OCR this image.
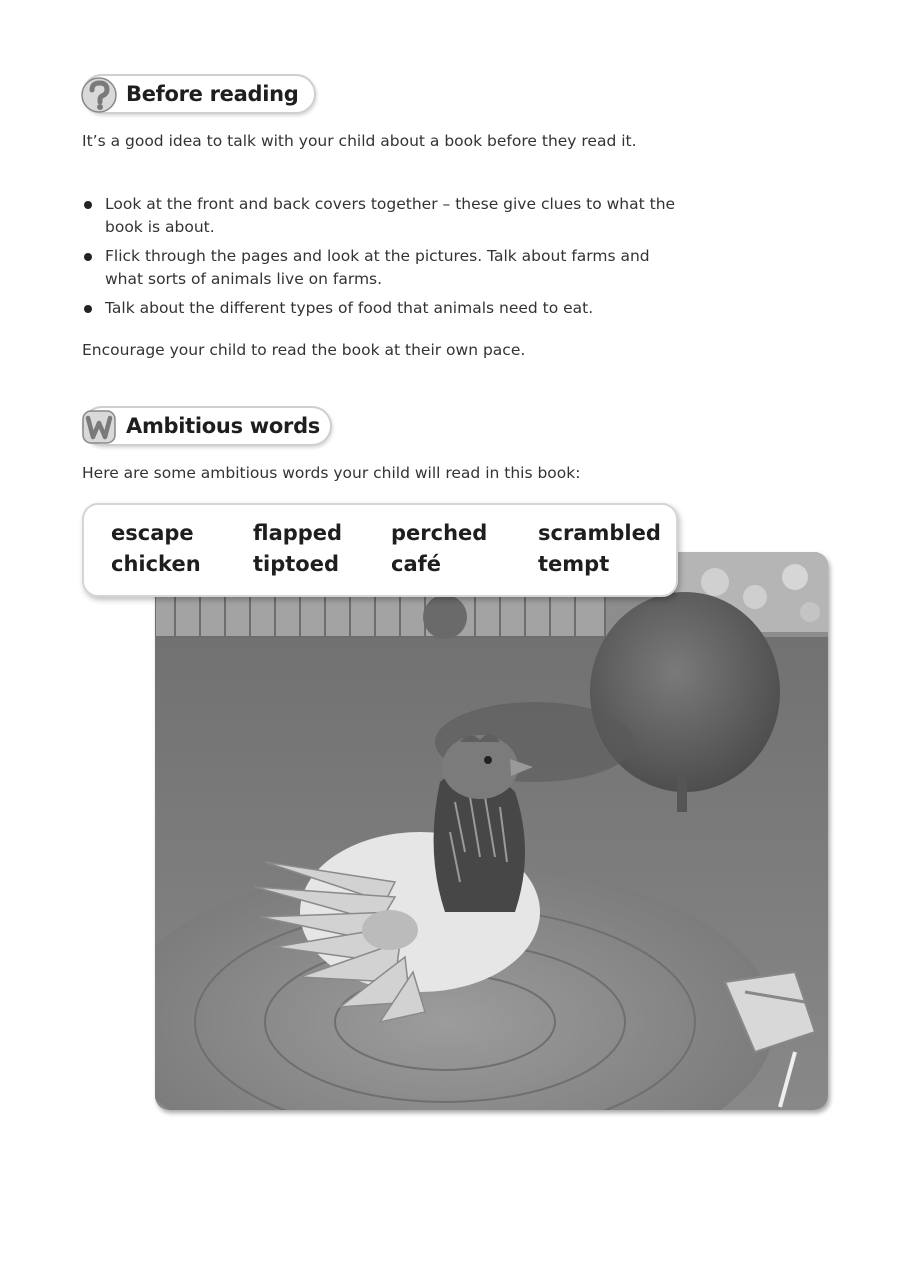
Before reading

It’s a good idea to talk with your child about a book before they read it.

Look at the front and back covers together – these give clues to what the book is about.
Flick through the pages and look at the pictures. Talk about farms and what sorts of animals live on farms.
Talk about the different types of food that animals need to eat.

Encourage your child to read the book at their own pace.

Ambitious words

Here are some ambitious words your child will read in this book:

escape	flapped perched scrambled
chicken tiptoed café	tempt
